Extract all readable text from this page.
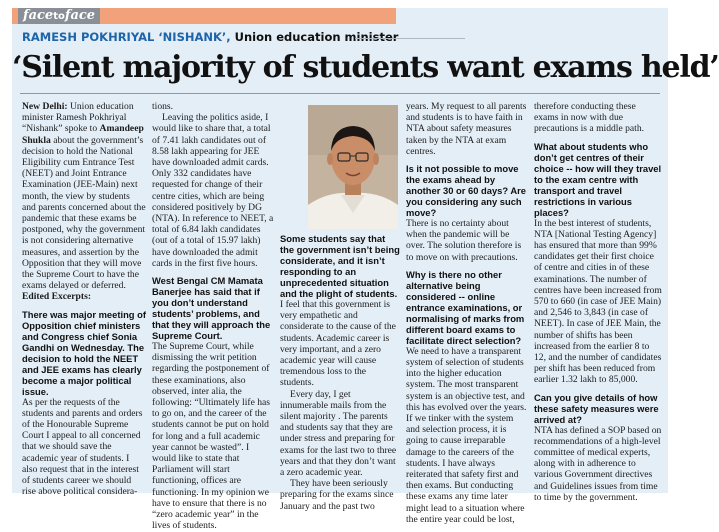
facetoface
RAMESH POKHRIYAL ‘NISHANK’, Union education minister
‘Silent majority of students want exams held’

New Delhi: Union education minister Ramesh Pokhriyal “Nishank” spoke to Amandeep Shukla about the government’s decision to hold the National Eligibility cum Entrance Test (NEET) and Joint Entrance Examination (JEE-Main) next month, the view by students and parents concerned about the pandemic that these exams be postponed, why the government is not considering alternative measures, and assertion by the Opposition that they will move the Supreme Court to have the exams delayed or deferred. Edited Excerpts:

There was major meeting of Opposition chief ministers and Congress chief Sonia Gandhi on Wednesday. The decision to hold the NEET and JEE exams has clearly become a major political issue.

As per the requests of the students and parents and orders of the Honourable Supreme Court I appeal to all concerned that we should save the academic year of students. I also request that in the interest of students career we should rise above political considera-

tions.

Leaving the politics aside, I would like to share that, a total of 7.41 lakh candidates out of 8.58 lakh appearing for JEE have downloaded admit cards. Only 332 candidates have requested for change of their centre cities, which are being considered positively by DG (NTA). In reference to NEET, a total of 6.84 lakh candidates (out of a total of 15.97 lakh) have downloaded the admit cards in the first five hours.

West Bengal CM Mamata Banerjee has said that if you don’t understand students’ problems, and that they will approach the Supreme Court.

The Supreme Court, while dismissing the writ petition regarding the postponement of these examinations, also observed, inter alia, the following: “Ultimately life has to go on, and the career of the students cannot be put on hold for long and a full academic year cannot be wasted”. I would like to state that Parliament will start functioning, offices are functioning. In my opinion we have to ensure that there is no “zero academic year” in the lives of students.

Some students say that the government isn’t being considerate, and it isn’t responding to an unprecedented situation and the plight of students.

I feel that this government is very empathetic and considerate to the cause of the students. Academic career is very important, and a zero academic year will cause tremendous loss to the students.

Every day, I get innumerable mails from the silent majority . The parents and students say that they are under stress and preparing for exams for the last two to three years and that they don’t want a zero academic year.

They have been seriously preparing for the exams since January and the past two

years. My request to all parents and students is to have faith in NTA about safety measures taken by the NTA at exam centres.

Is it not possible to move the exams ahead by another 30 or 60 days? Are you considering any such move?

There is no certainty about when the pandemic will be over. The solution therefore is to move on with precautions.

Why is there no other alternative being considered -- online entrance examinations, or normalising of marks from different board exams to facilitate direct selection?

We need to have a transparent system of selection of students into the higher education system. The most transparent system is an objective test, and this has evolved over the years. If we tinker with the system and selection process, it is going to cause irreparable damage to the careers of the students. I have always reiterated that safety first and then exams. But conducting these exams any time later might lead to a situation where the entire year could be lost,

therefore conducting these exams in now with due precautions is a middle path.

What about students who don’t get centres of their choice -- how will they travel to the exam centre with transport and travel restrictions in various places?

In the best interest of students, NTA [National Testing Agency] has ensured that more than 99% candidates get their first choice of centre and cities in of these examinations. The number of centres have been increased from 570 to 660 (in case of JEE Main) and 2,546 to 3,843 (in case of NEET). In case of JEE Main, the number of shifts has been increased from the earlier 8 to 12, and the number of candidates per shift has been reduced from earlier 1.32 lakh to 85,000.

Can you give details of how these safety measures were arrived at?

NTA has defined a SOP based on recommendations of a high-level committee of medical experts, along with in adherence to various Government directives and Guidelines issues from time to time by the government.
